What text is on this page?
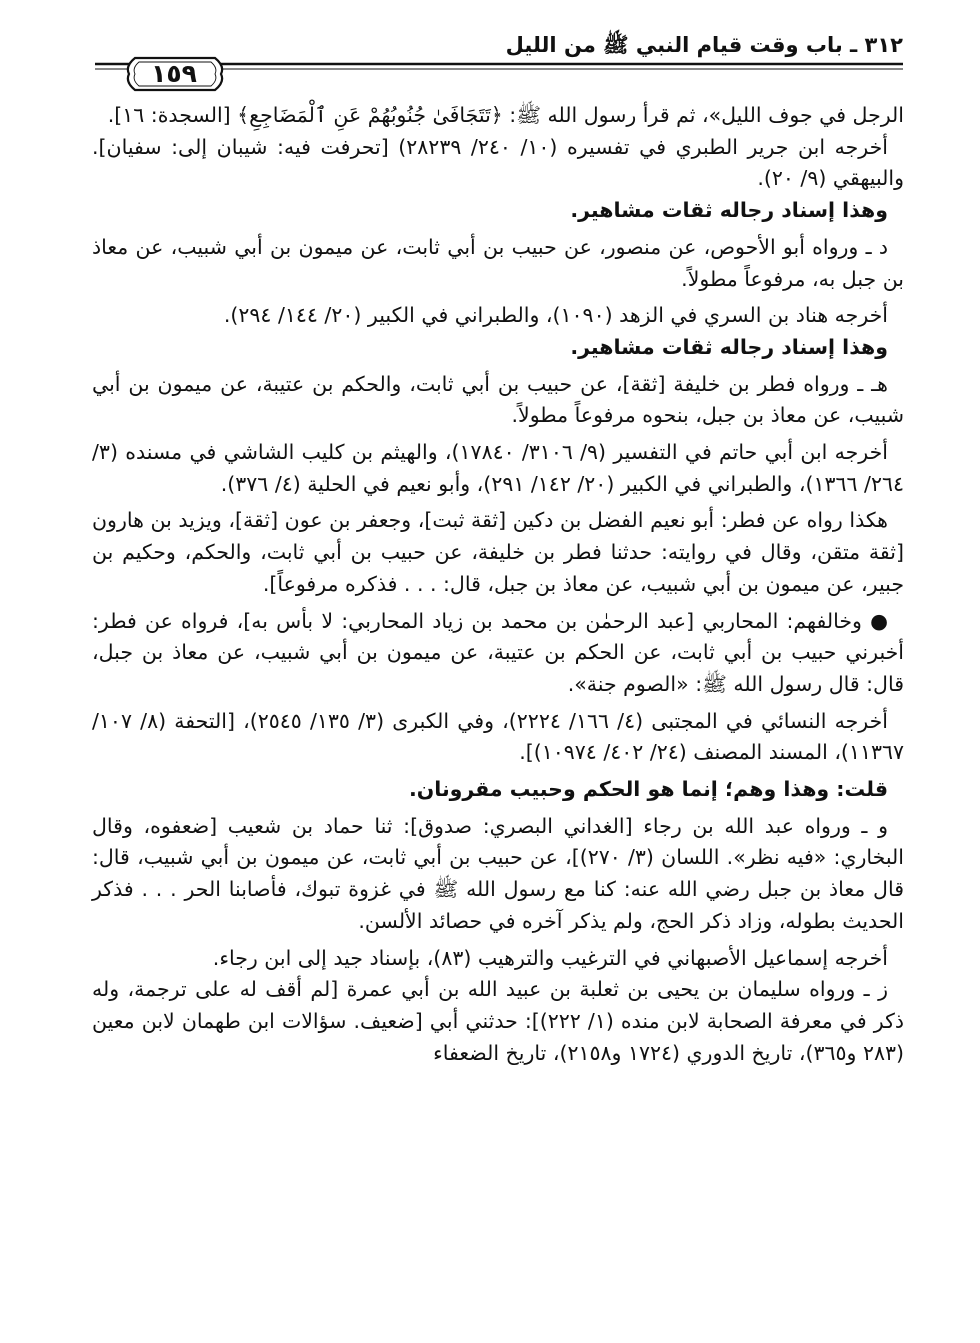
٣١٢ ـ باب وقت قيام النبي ﷺ من الليل
١٥٩

الرجل في جوف الليل»، ثم قرأ رسول الله ﷺ: ﴿تَتَجَافَىٰ جُنُوبُهُمْ عَنِ ٱلْمَضَاجِعِ﴾ [السجدة: ١٦].

أخرجه ابن جرير الطبري في تفسيره (١٠/ ٢٤٠/ ٢٨٢٣٩) [تحرفت فيه: شيبان إلى: سفيان]. والبيهقي (٩/ ٢٠).

وهذا إسناد رجاله ثقات مشاهير.

د ـ ورواه أبو الأحوص، عن منصور، عن حبيب بن أبي ثابت، عن ميمون بن أبي شبيب، عن معاذ بن جبل به، مرفوعاً مطولاً.

أخرجه هناد بن السري في الزهد (١٠٩٠)، والطبراني في الكبير (٢٠/ ١٤٤/ ٢٩٤).

وهذا إسناد رجاله ثقات مشاهير.

هـ ـ ورواه فطر بن خليفة [ثقة]، عن حبيب بن أبي ثابت، والحكم بن عتيبة، عن ميمون بن أبي شبيب، عن معاذ بن جبل، بنحوه مرفوعاً مطولاً.

أخرجه ابن أبي حاتم في التفسير (٩/ ٣١٠٦/ ١٧٨٤٠)، والهيثم بن كليب الشاشي في مسنده (٣/ ٢٦٤/ ١٣٦٦)، والطبراني في الكبير (٢٠/ ١٤٢/ ٢٩١)، وأبو نعيم في الحلية (٤/ ٣٧٦).

هكذا رواه عن فطر: أبو نعيم الفضل بن دكين [ثقة ثبت]، وجعفر بن عون [ثقة]، ويزيد بن هارون [ثقة متقن، وقال في روايته: حدثنا فطر بن خليفة، عن حبيب بن أبي ثابت، والحكم، وحكيم بن جبير، عن ميمون بن أبي شبيب، عن معاذ بن جبل، قال: . . . فذكره مرفوعاً].

● وخالفهم: المحاربي [عبد الرحمٰن بن محمد بن زياد المحاربي: لا بأس به]، فرواه عن فطر: أخبرني حبيب بن أبي ثابت، عن الحكم بن عتيبة، عن ميمون بن أبي شبيب، عن معاذ بن جبل، قال: قال رسول الله ﷺ: «الصوم جنة».

أخرجه النسائي في المجتبى (٤/ ١٦٦/ ٢٢٢٤)، وفي الكبرى (٣/ ١٣٥/ ٢٥٤٥)، [التحفة (٨/ ١٠٧/ ١١٣٦٧)، المسند المصنف (٢٤/ ٤٠٢/ ١٠٩٧٤)].

قلت: وهذا وهم؛ إنما هو الحكم وحبيب مقرونان.

و ـ ورواه عبد الله بن رجاء [الغداني البصري: صدوق]: ثنا حماد بن شعيب [ضعفوه، وقال البخاري: «فيه نظر». اللسان (٣/ ٢٧٠)]، عن حبيب بن أبي ثابت، عن ميمون بن أبي شبيب، قال: قال معاذ بن جبل رضي الله عنه: كنا مع رسول الله ﷺ في غزوة تبوك، فأصابنا الحر . . . فذكر الحديث بطوله، وزاد ذكر الحج، ولم يذكر آخره في حصائد الألسن.

أخرجه إسماعيل الأصبهاني في الترغيب والترهيب (٨٣)، بإسناد جيد إلى ابن رجاء.

ز ـ ورواه سليمان بن يحيى بن ثعلبة بن عبيد الله بن أبي عمرة [لم أقف له على ترجمة، وله ذكر في معرفة الصحابة لابن منده (١/ ٢٢٢)]: حدثني أبي [ضعيف. سؤالات ابن طهمان لابن معين (٢٨٣ و٣٦٥)، تاريخ الدوري (١٧٢٤ و٢١٥٨)، تاريخ الضعفاء
